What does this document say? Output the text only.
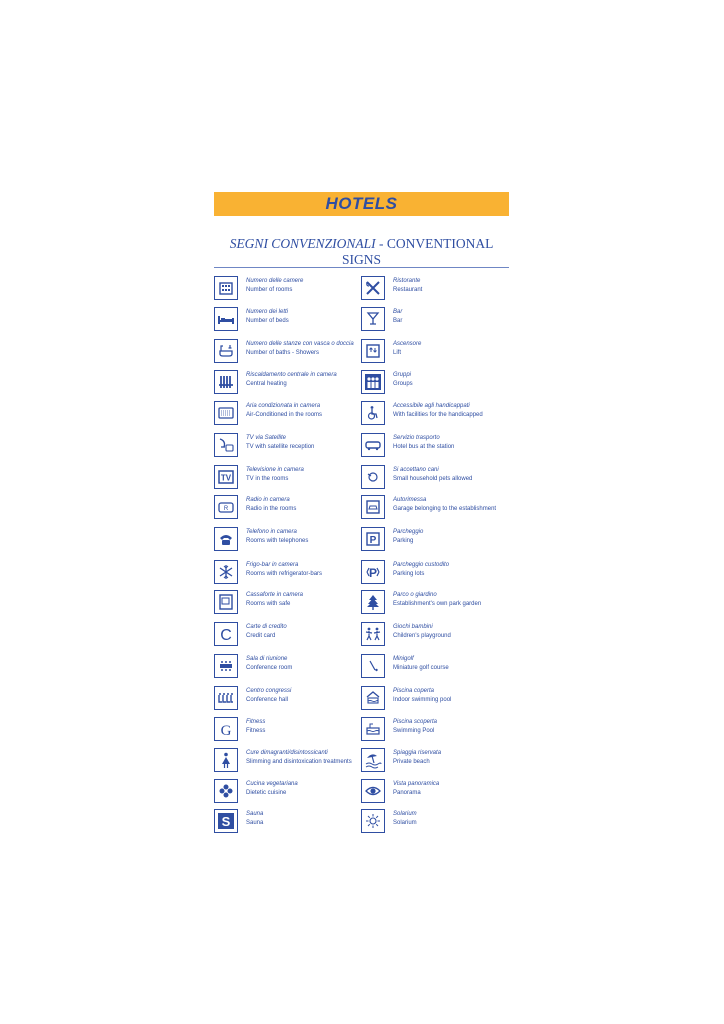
HOTELS
SEGNI CONVENZIONALI - CONVENTIONAL SIGNS
Numero delle camere
Number of rooms
Numero dei letti
Number of beds
Numero delle stanze con vasca o doccia
Number of baths - Showers
Riscaldamento centrale in camera
Central heating
Aria condizionata in camera
Air-Conditioned in the rooms
TV via Satellite
TV with satellite reception
TV
Televisione in camera
TV in the rooms
R
Radio in camera
Radio in the rooms
Telefono in camera
Rooms with telephones
Frigo-bar in camera
Rooms with refrigerator-bars
Cassaforte in camera
Rooms with safe
C Carte di credito
Credit card
Sala di riunione
Conference room
Centro congressi
Conference hall
G
Fitness
Fitness
Cure dimagranti/disintossicanti
Slimming and disintoxication treatments
Cucina vegetariana
Dietetic cuisine
S	Sauna
Sauna
Ristorante
Restaurant
Bar
Bar
Ascensore
Lift
Gruppi
Groups
Accessibile agli handicappati
With facilities for the handicapped
Servizio trasporto
Hotel bus at the station
Si accettano cani
Small household pets allowed
Autorimessa
Garage belonging to the establishment
P
Parcheggio
Parking
P
Parcheggio custodito
Parking lots
Parco o giardino
Establishment's own park garden
Giochi bambini
Children's playground
Minigolf
Miniature golf course
Piscina coperta
Indoor swimming pool
Piscina scoperta
Swimming Pool
Spiaggia riservata
Private beach
Vista panoramica
Panorama
Solarium
Solarium
